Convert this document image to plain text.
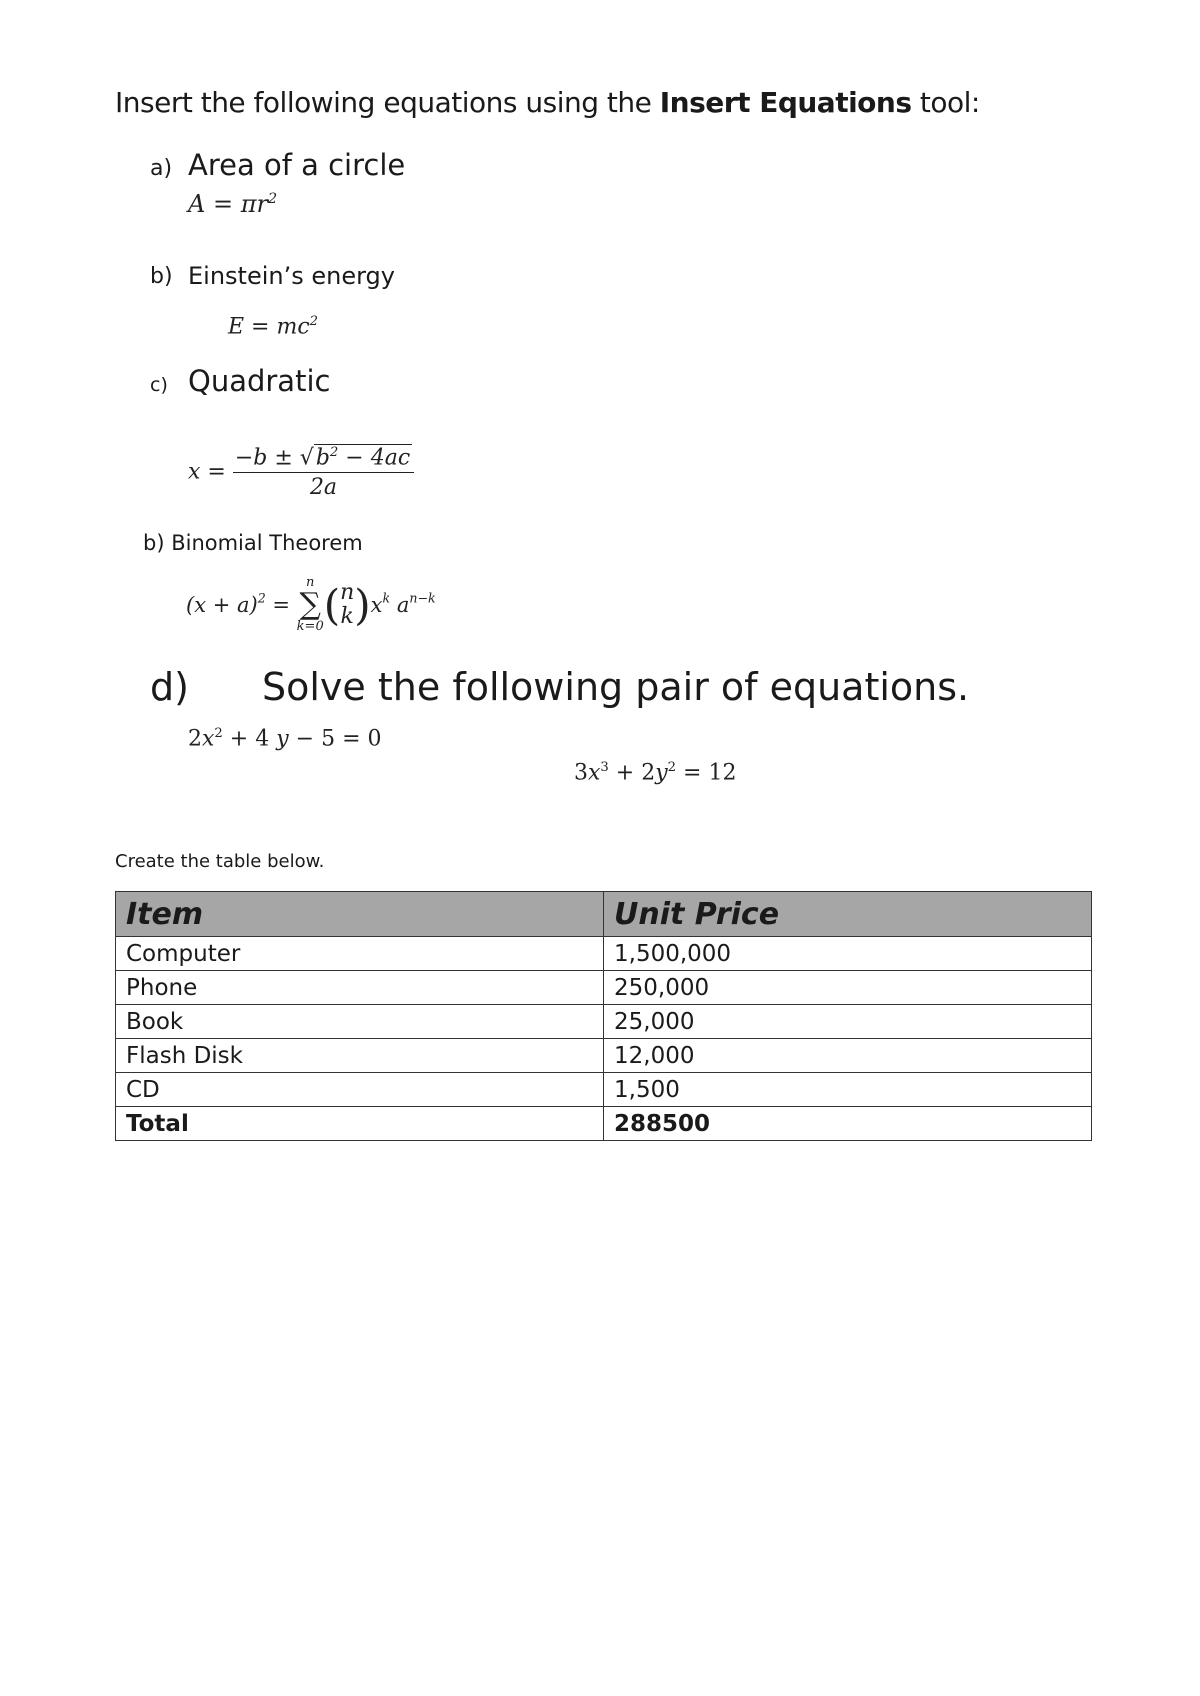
Insert the following equations using the Insert Equations tool:
a) Area of a circle
$A = \pi r^2$
b) Einstein’s energy
$E = mc^2$
c) Quadratic
$x = \frac{-b \pm √b^2 - 4ac}{2a}$
b) Binomial Theorem
$(x + a)^2$ =
n
∑
k=0 ( n
k )$x^k$ $a^{n-k}$
d) Solve the following pair of equations.
$2x^2 + 4$ y − 5 = 0
$3x^3 + 2y^2 = 12$
Create the table below.
Item	Unit Price
Computer	1,500,000
Phone	250,000
Book	25,000
Flash Disk	12,000
CD	1,500
Total	288500
